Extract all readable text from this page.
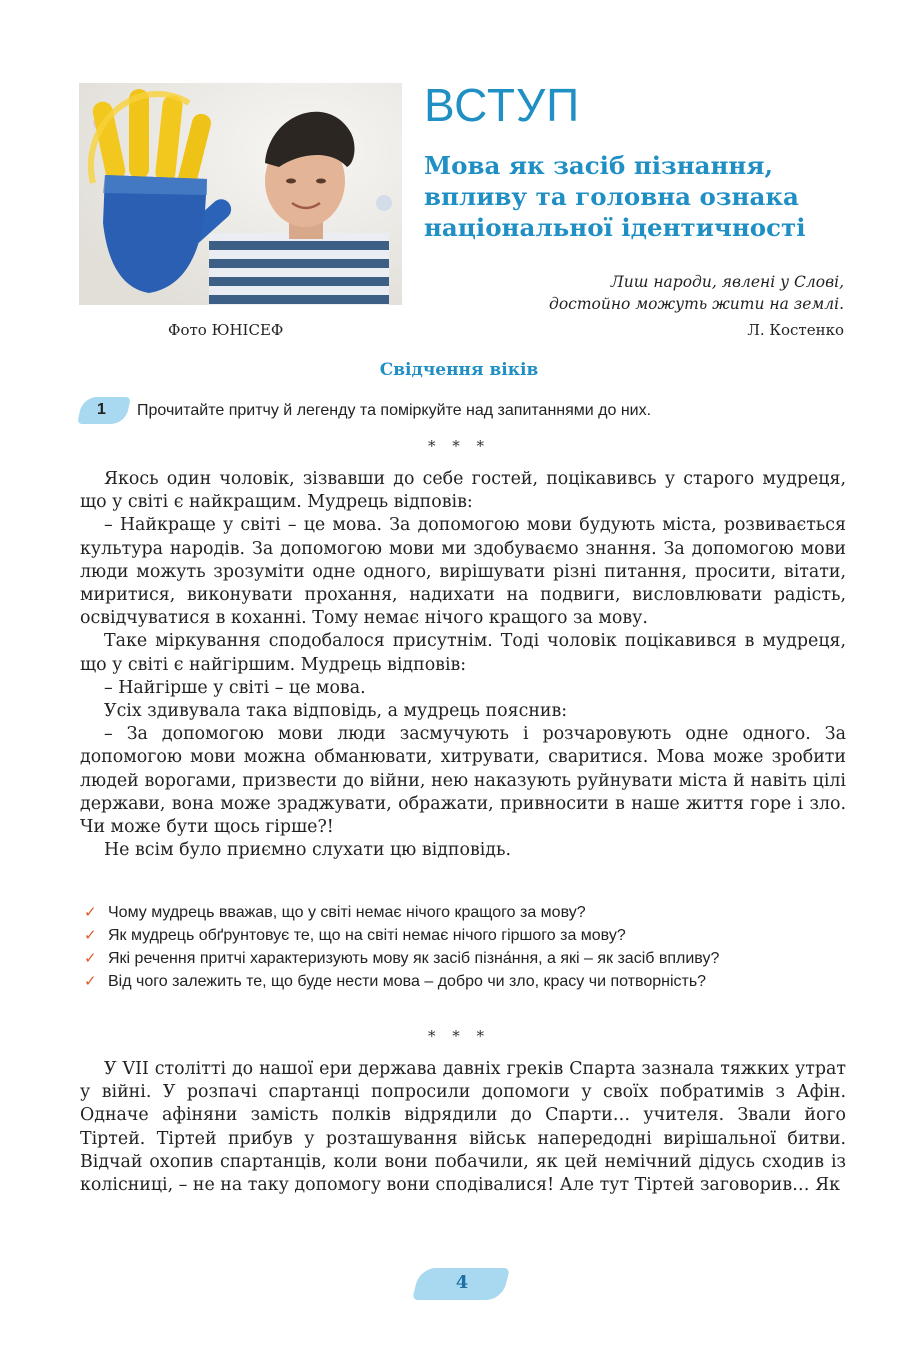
Фото ЮНІСЕФ
ВСТУП
Мова як засіб пізнання,
впливу та головна ознака
національної ідентичності
Лиш народи, явлені у Слові,
достойно можуть жити на землі.
Л. Костенко
Свідчення віків
1 Прочитайте притчу й легенду та поміркуйте над запитаннями до них.
* * *

Якось один чоловік, зізвавши до себе гостей, поцікавивсь у старого мудреця, що у світі є найкращим. Мудрець відповів:

– Найкраще у світі – це мова. За допомогою мови будують міста, розвивається культура народів. За допомогою мови ми здобуваємо знання. За допомогою мови люди можуть зрозуміти одне одного, вирішувати різні питання, просити, вітати, миритися, виконувати прохання, надихати на подвиги, висловлювати радість, освідчуватися в коханні. Тому немає нічого кращого за мову.

Таке міркування сподобалося присутнім. Тоді чоловік поцікавився в мудреця, що у світі є найгіршим. Мудрець відповів:

– Найгірше у світі – це мова.

Усіх здивувала така відповідь, а мудрець пояснив:

– За допомогою мови люди засмучують і розчаровують одне одного. За допомогою мови можна обманювати, хитрувати, сваритися. Мова може зробити людей ворогами, призвести до війни, нею наказують руйнувати міста й навіть цілі держави, вона може зраджувати, ображати, привносити в наше життя горе і зло. Чи може бути щось гірше?!

Не всім було приємно слухати цю відповідь.

✓ Чому мудрець вважав, що у світі немає нічого кращого за мову?
✓ Як мудрець обґрунтовує те, що на світі немає нічого гіршого за мову?
✓ Які речення притчі характеризують мову як засіб пізна́ння, а які – як засіб впливу?
✓ Від чого залежить те, що буде нести мова – добро чи зло, красу чи потворність?
* * *

У VII столітті до нашої ери держава давніх греків Спарта зазнала тяжких утрат у війні. У розпачі спартанці попросили допомоги у своїх побратимів з Афін. Одначе афіняни замість полків відрядили до Спарти… учителя. Звали його Тіртей. Тіртей прибув у розташування військ напередодні вирішальної битви. Відчай охопив спартанців, коли вони побачили, як цей немічний дідусь сходив із колісниці, – не на таку допомогу вони сподівалися! Але тут Тіртей заговорив… Як

4
